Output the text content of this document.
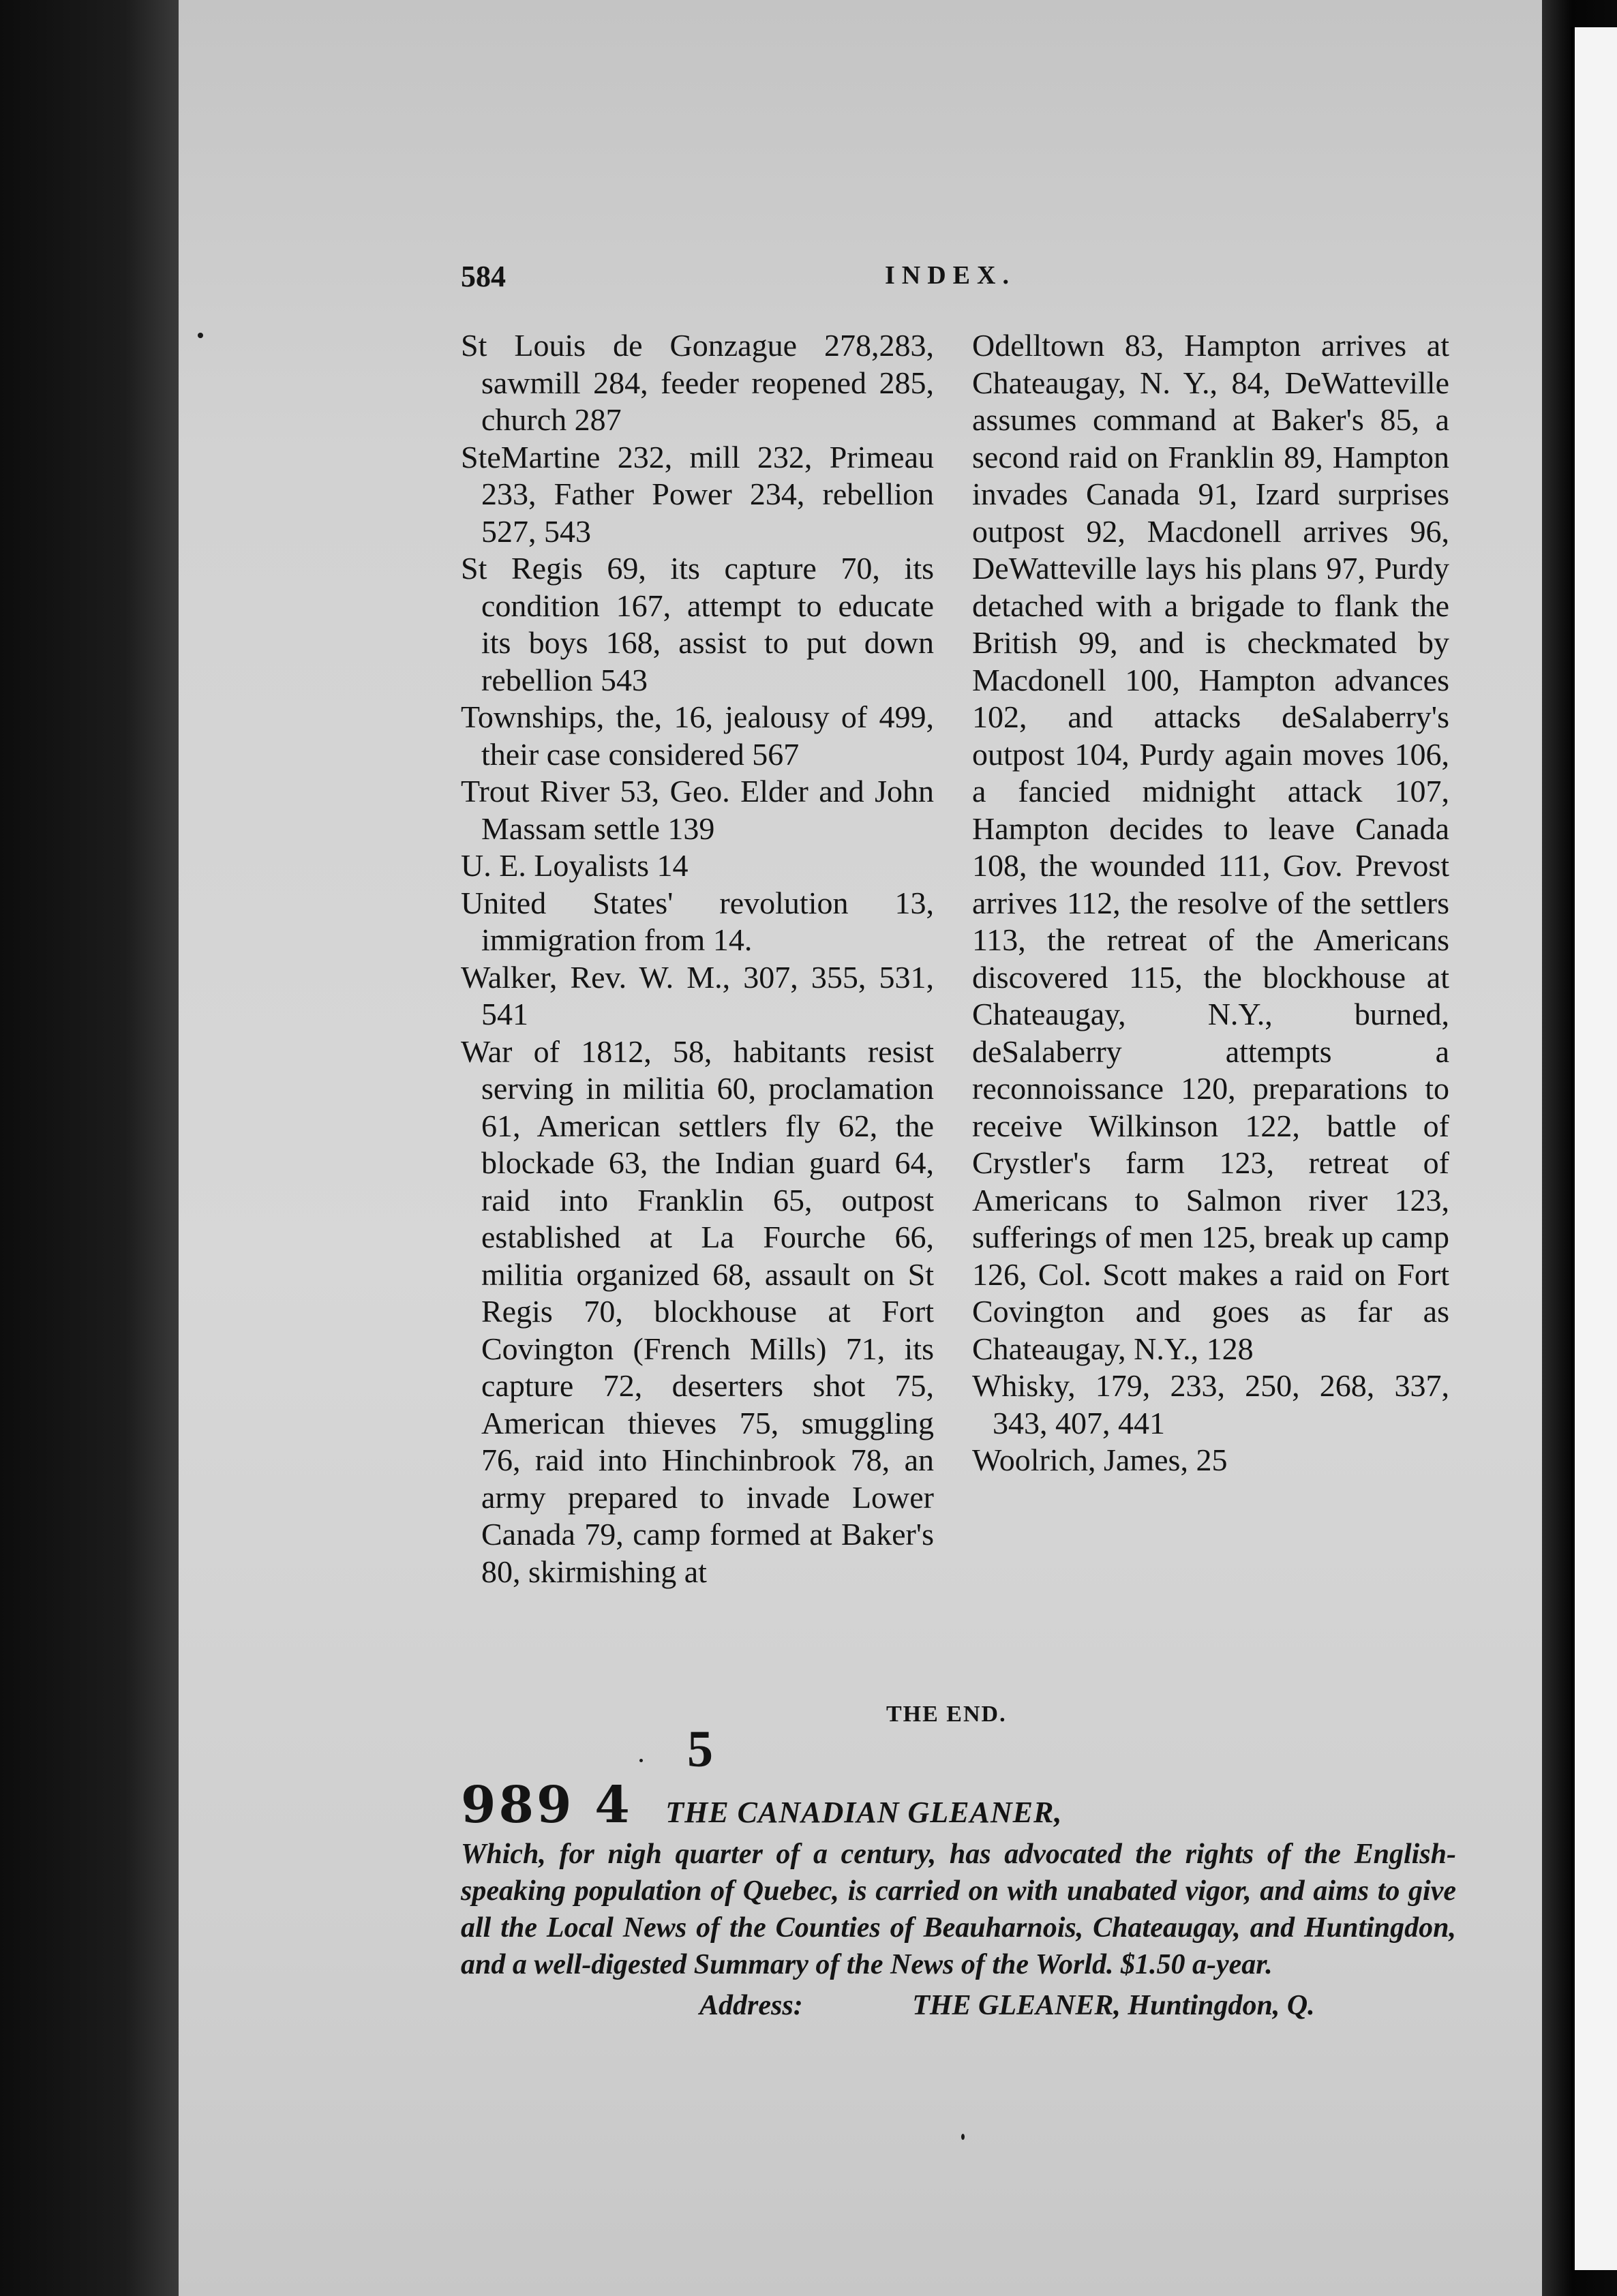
584	INDEX.

St Louis de Gonzague 278,283, sawmill 284, feeder reopened 285, church 287

SteMartine 232, mill 232, Primeau 233, Father Power 234, rebellion 527, 543

St Regis 69, its capture 70, its condition 167, attempt to educate its boys 168, assist to put down rebellion 543

Townships, the, 16, jealousy of 499, their case considered 567

Trout River 53, Geo. Elder and John Massam settle 139

U. E. Loyalists 14

United States' revolution 13, immigration from 14.

Walker, Rev. W. M., 307, 355, 531, 541

War of 1812, 58, habitants resist serving in militia 60, proclamation 61, American settlers fly 62, the blockade 63, the Indian guard 64, raid into Franklin 65, outpost established at La Fourche 66, militia organized 68, assault on St Regis 70, blockhouse at Fort Covington (French Mills) 71, its capture 72, deserters shot 75, American thieves 75, smuggling 76, raid into Hinchinbrook 78, an army prepared to invade Lower Canada 79, camp formed at Baker's 80, skirmishing at

Odelltown 83, Hampton arrives at Chateaugay, N. Y., 84, DeWatteville assumes command at Baker's 85, a second raid on Franklin 89, Hampton invades Canada 91, Izard surprises outpost 92, Macdonell arrives 96, DeWatteville lays his plans 97, Purdy detached with a brigade to flank the British 99, and is checkmated by Macdonell 100, Hampton advances 102, and attacks deSalaberry's outpost 104, Purdy again moves 106, a fancied midnight attack 107, Hampton decides to leave Canada 108, the wounded 111, Gov. Prevost arrives 112, the resolve of the settlers 113, the retreat of the Americans discovered 115, the blockhouse at Chateaugay, N.Y., burned, deSalaberry attempts a reconnoissance 120, preparations to receive Wilkinson 122, battle of Crystler's farm 123, retreat of Americans to Salmon river 123, sufferings of men 125, break up camp 126, Col. Scott makes a raid on Fort Covington and goes as far as Chateaugay, N.Y., 128

Whisky, 179, 233, 250, 268, 337, 343, 407, 441

Woolrich, James, 25

THE END.
5
989 4 THE CANADIAN GLEANER,
Which, for nigh quarter of a century, has advocated the rights of the English-speaking population of Quebec, is carried on with unabated vigor, and aims to give all the Local News of the Counties of Beauharnois, Chateaugay, and Huntingdon, and a well-digested Summary of the News of the World. $1.50 a-year.
Address:	THE GLEANER, Huntingdon, Q.
